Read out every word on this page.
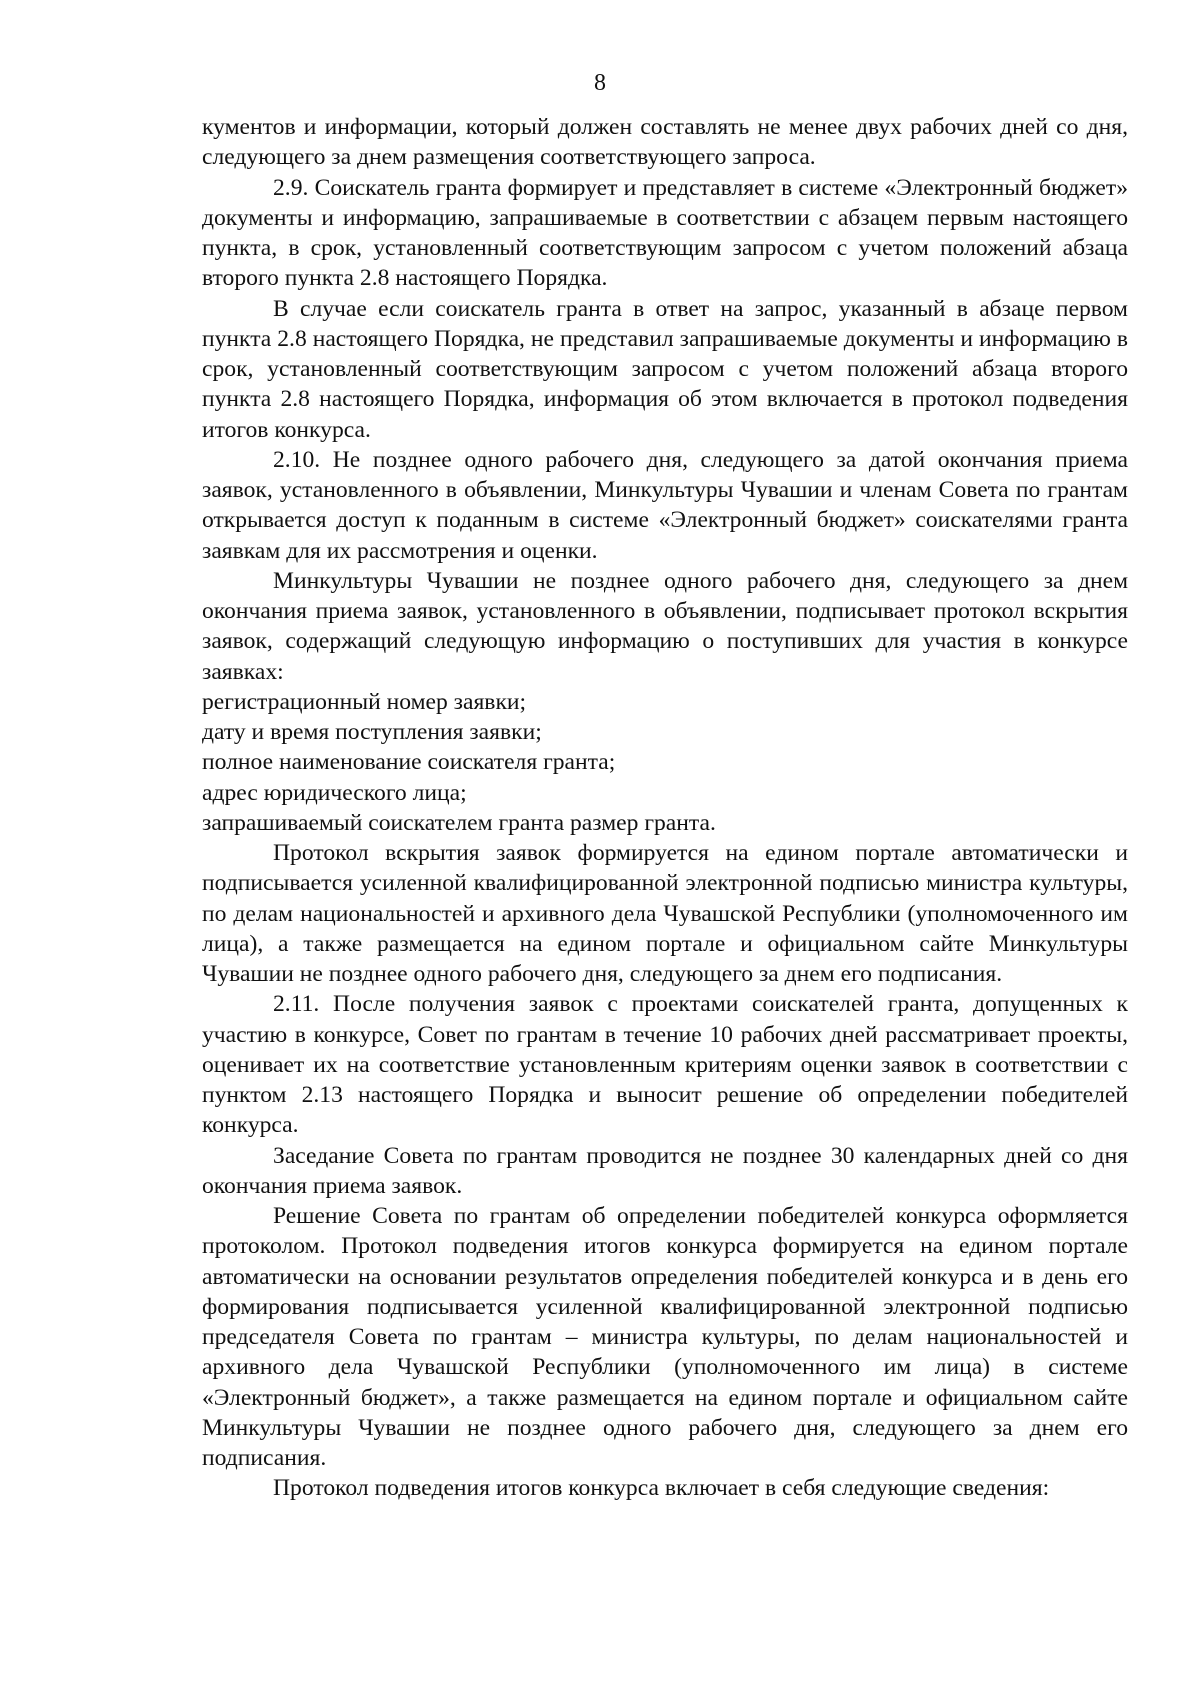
8

кументов и информации, который должен составлять не менее двух рабочих дней со дня, следующего за днем размещения соответствующего запроса.

2.9. Соискатель гранта формирует и представляет в системе «Электронный бюджет» документы и информацию, запрашиваемые в соответствии с абзацем первым настоящего пункта, в срок, установленный соответствующим запросом с учетом положений абзаца второго пункта 2.8 настоящего Порядка.

В случае если соискатель гранта в ответ на запрос, указанный в абзаце первом пункта 2.8 настоящего Порядка, не представил запрашиваемые документы и информацию в срок, установленный соответствующим запросом с учетом положений абзаца второго пункта 2.8 настоящего Порядка, информация об этом включается в протокол подведения итогов конкурса.

2.10. Не позднее одного рабочего дня, следующего за датой окончания приема заявок, установленного в объявлении, Минкультуры Чувашии и членам Совета по грантам открывается доступ к поданным в системе «Электронный бюджет» соискателями гранта заявкам для их рассмотрения и оценки.

Минкультуры Чувашии не позднее одного рабочего дня, следующего за днем окончания приема заявок, установленного в объявлении, подписывает протокол вскрытия заявок, содержащий следующую информацию о поступивших для участия в конкурсе заявках:

регистрационный номер заявки;

дату и время поступления заявки;

полное наименование соискателя гранта;

адрес юридического лица;

запрашиваемый соискателем гранта размер гранта.

Протокол вскрытия заявок формируется на едином портале автоматически и подписывается усиленной квалифицированной электронной подписью министра культуры, по делам национальностей и архивного дела Чувашской Республики (уполномоченного им лица), а также размещается на едином портале и официальном сайте Минкультуры Чувашии не позднее одного рабочего дня, следующего за днем его подписания.

2.11. После получения заявок с проектами соискателей гранта, допущенных к участию в конкурсе, Совет по грантам в течение 10 рабочих дней рассматривает проекты, оценивает их на соответствие установленным критериям оценки заявок в соответствии с пунктом 2.13 настоящего Порядка и выносит решение об определении победителей конкурса.

Заседание Совета по грантам проводится не позднее 30 календарных дней со дня окончания приема заявок.

Решение Совета по грантам об определении победителей конкурса оформляется протоколом. Протокол подведения итогов конкурса формируется на едином портале автоматически на основании результатов определения победителей конкурса и в день его формирования подписывается усиленной квалифицированной электронной подписью председателя Совета по грантам – министра культуры, по делам национальностей и архивного дела Чувашской Республики (уполномоченного им лица) в системе «Электронный бюджет», а также размещается на едином портале и официальном сайте Минкультуры Чувашии не позднее одного рабочего дня, следующего за днем его подписания.

Протокол подведения итогов конкурса включает в себя следующие сведения:
